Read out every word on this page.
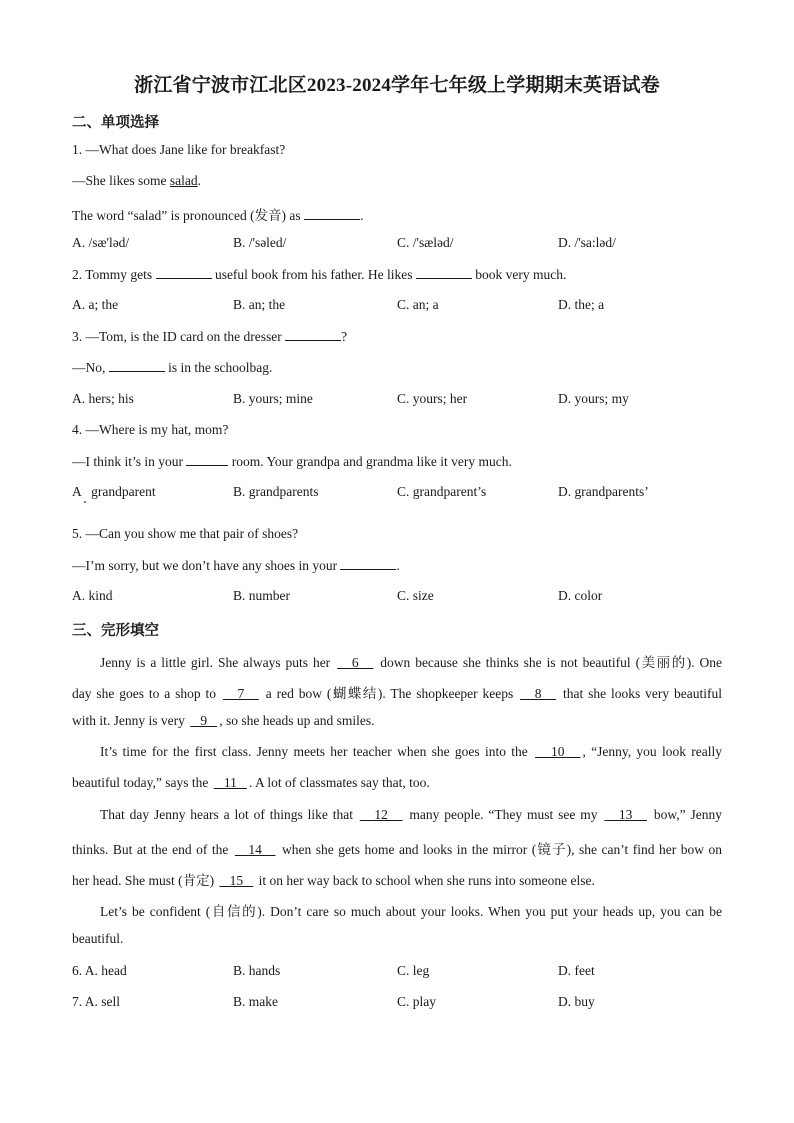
浙江省宁波市江北区2023-2024学年七年级上学期期末英语试卷
二、单项选择
1. —What does Jane like for breakfast?
—She likes some salad.
The word “salad” is pronounced (发音) as	.
A. /sæ'ləd/	B. /'səled/	C. /'sæləd/	D. /'sa:ləd/
2. Tommy gets	useful book from his father. He likes	book very much.
A. a; the	B. an; the	C. an; a	D. the; a
3. —Tom, is the ID card on the dresser	?
—No,	is in the schoolbag.
A. hers; his	B. yours; mine	C. yours; her	D. yours; my
4. —Where is my hat, mom?
—I think it’s in your	room. Your grandpa and grandma like it very much.
A   grandparent	B. grandparents	C. grandparent’s	D. grandparents’
5. —Can you show me that pair of shoes?
—I’m sorry, but we don’t have any shoes in your	.
A. kind	B. number	C. size	D. color
三、完形填空
Jenny is a little girl. She always puts her    6    down because she thinks she is not beautiful (美丽的). One
day she goes to a shop to    7    a red bow (蝴蝶结). The shopkeeper keeps    8    that she looks very beautiful
with it. Jenny is very    9   , so she heads up and smiles.
It’s time for the first class. Jenny meets her teacher when she goes into the    10   , “Jenny, you look really
beautiful today,” says the    11   . A lot of classmates say that, too.
That day Jenny hears a lot of things like that    12    many people. “They must see my    13    bow,” Jenny
thinks. But at the end of the    14    when she gets home and looks in the mirror (镜子), she can’t find her bow on
her head. She must (肯定)    15    it on her way back to school when she runs into someone else.
Let’s be confident (自信的). Don’t care so much about your looks. When you put your heads up, you can be
beautiful.
6. A. head	B. hands	C. leg	D. feet
7. A. sell	B. make	C. play	D. buy
